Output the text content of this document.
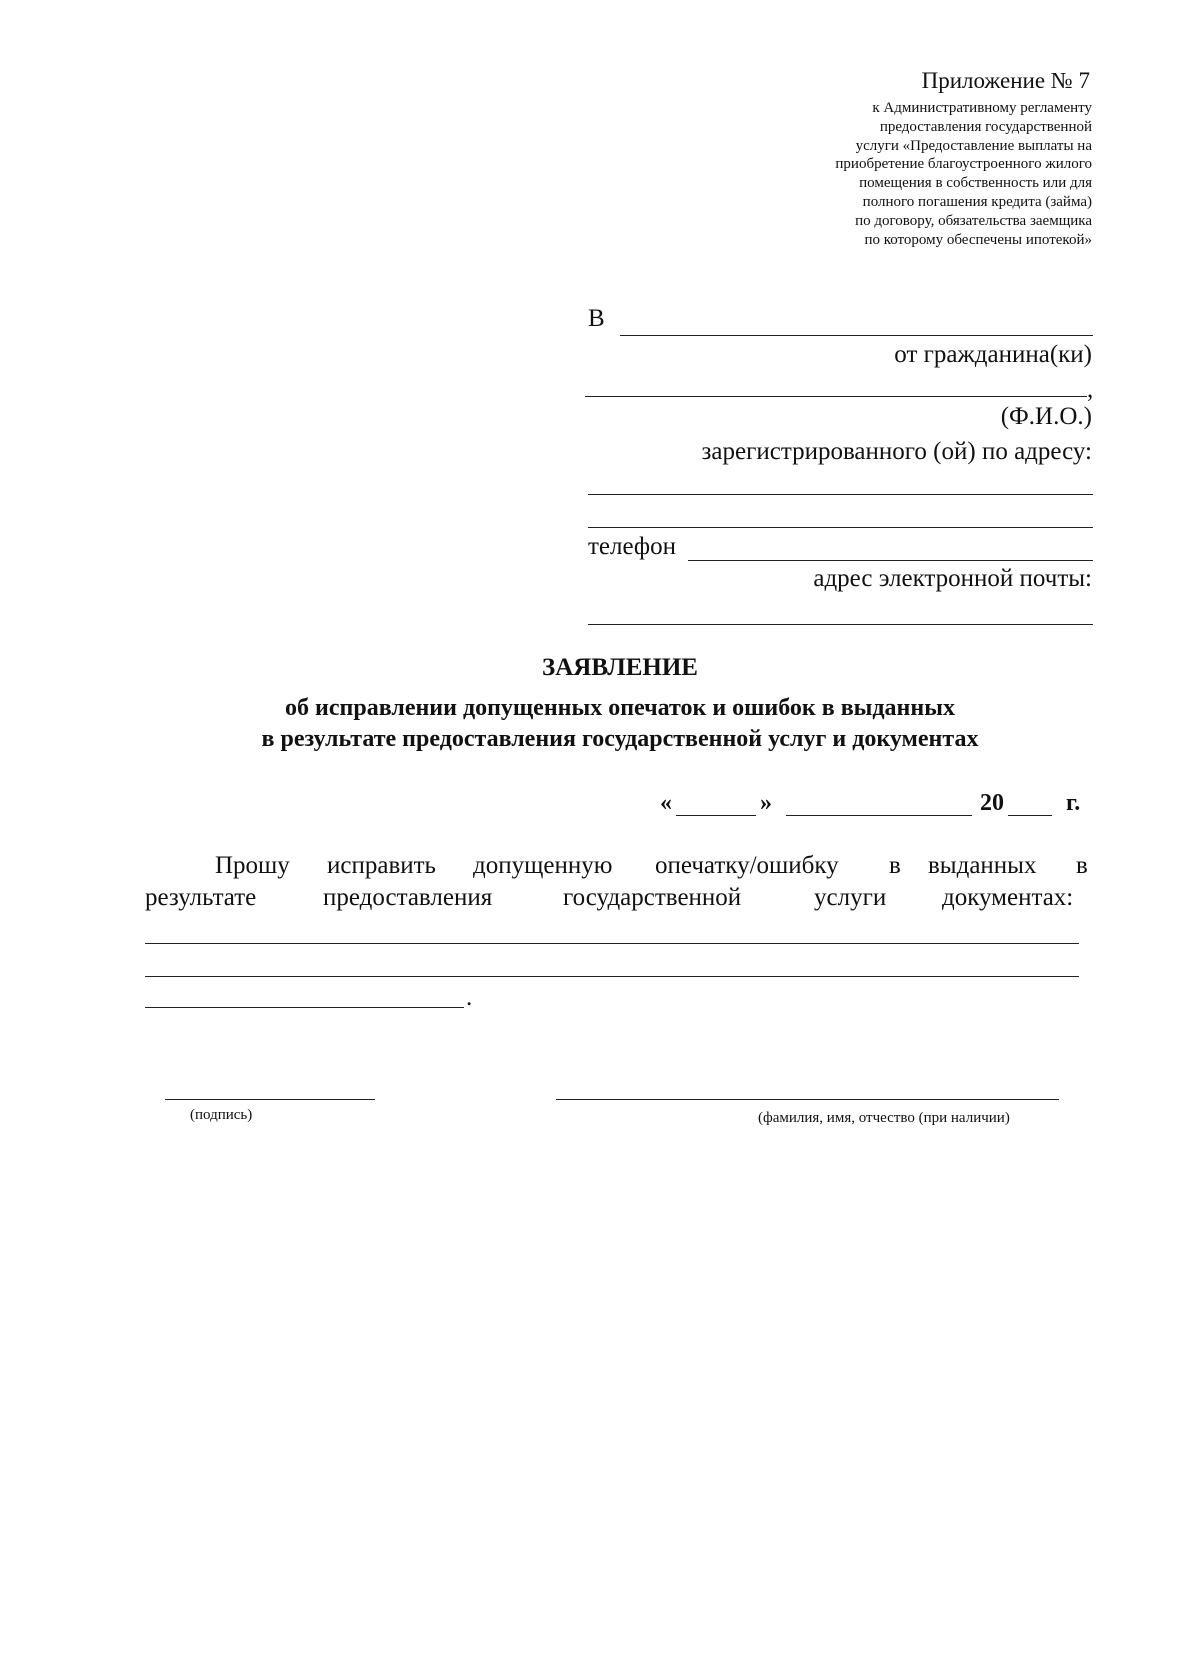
Приложение № 7
к Административному регламенту
предоставления государственной
услуги «Предоставление выплаты на
приобретение благоустроенного жилого
помещения в собственность или для
полного погашения кредита (займа)
по договору, обязательства заемщика
по которому обеспечены ипотекой»
В
от гражданина(ки)
,
(Ф.И.О.)
зарегистрированного (ой) по адресу:
телефон
адрес электронной почты:
ЗАЯВЛЕНИЕ
об исправлении допущенных опечаток и ошибок в выданных
в результате предоставления государственной услуг и документах
«	»	20	г.
Прошу исправить допущенную опечатку/ошибку в выданных в
результате	предоставления	государственной	услуги документах:
.
(подпись)	(фамилия, имя, отчество (при наличии)
